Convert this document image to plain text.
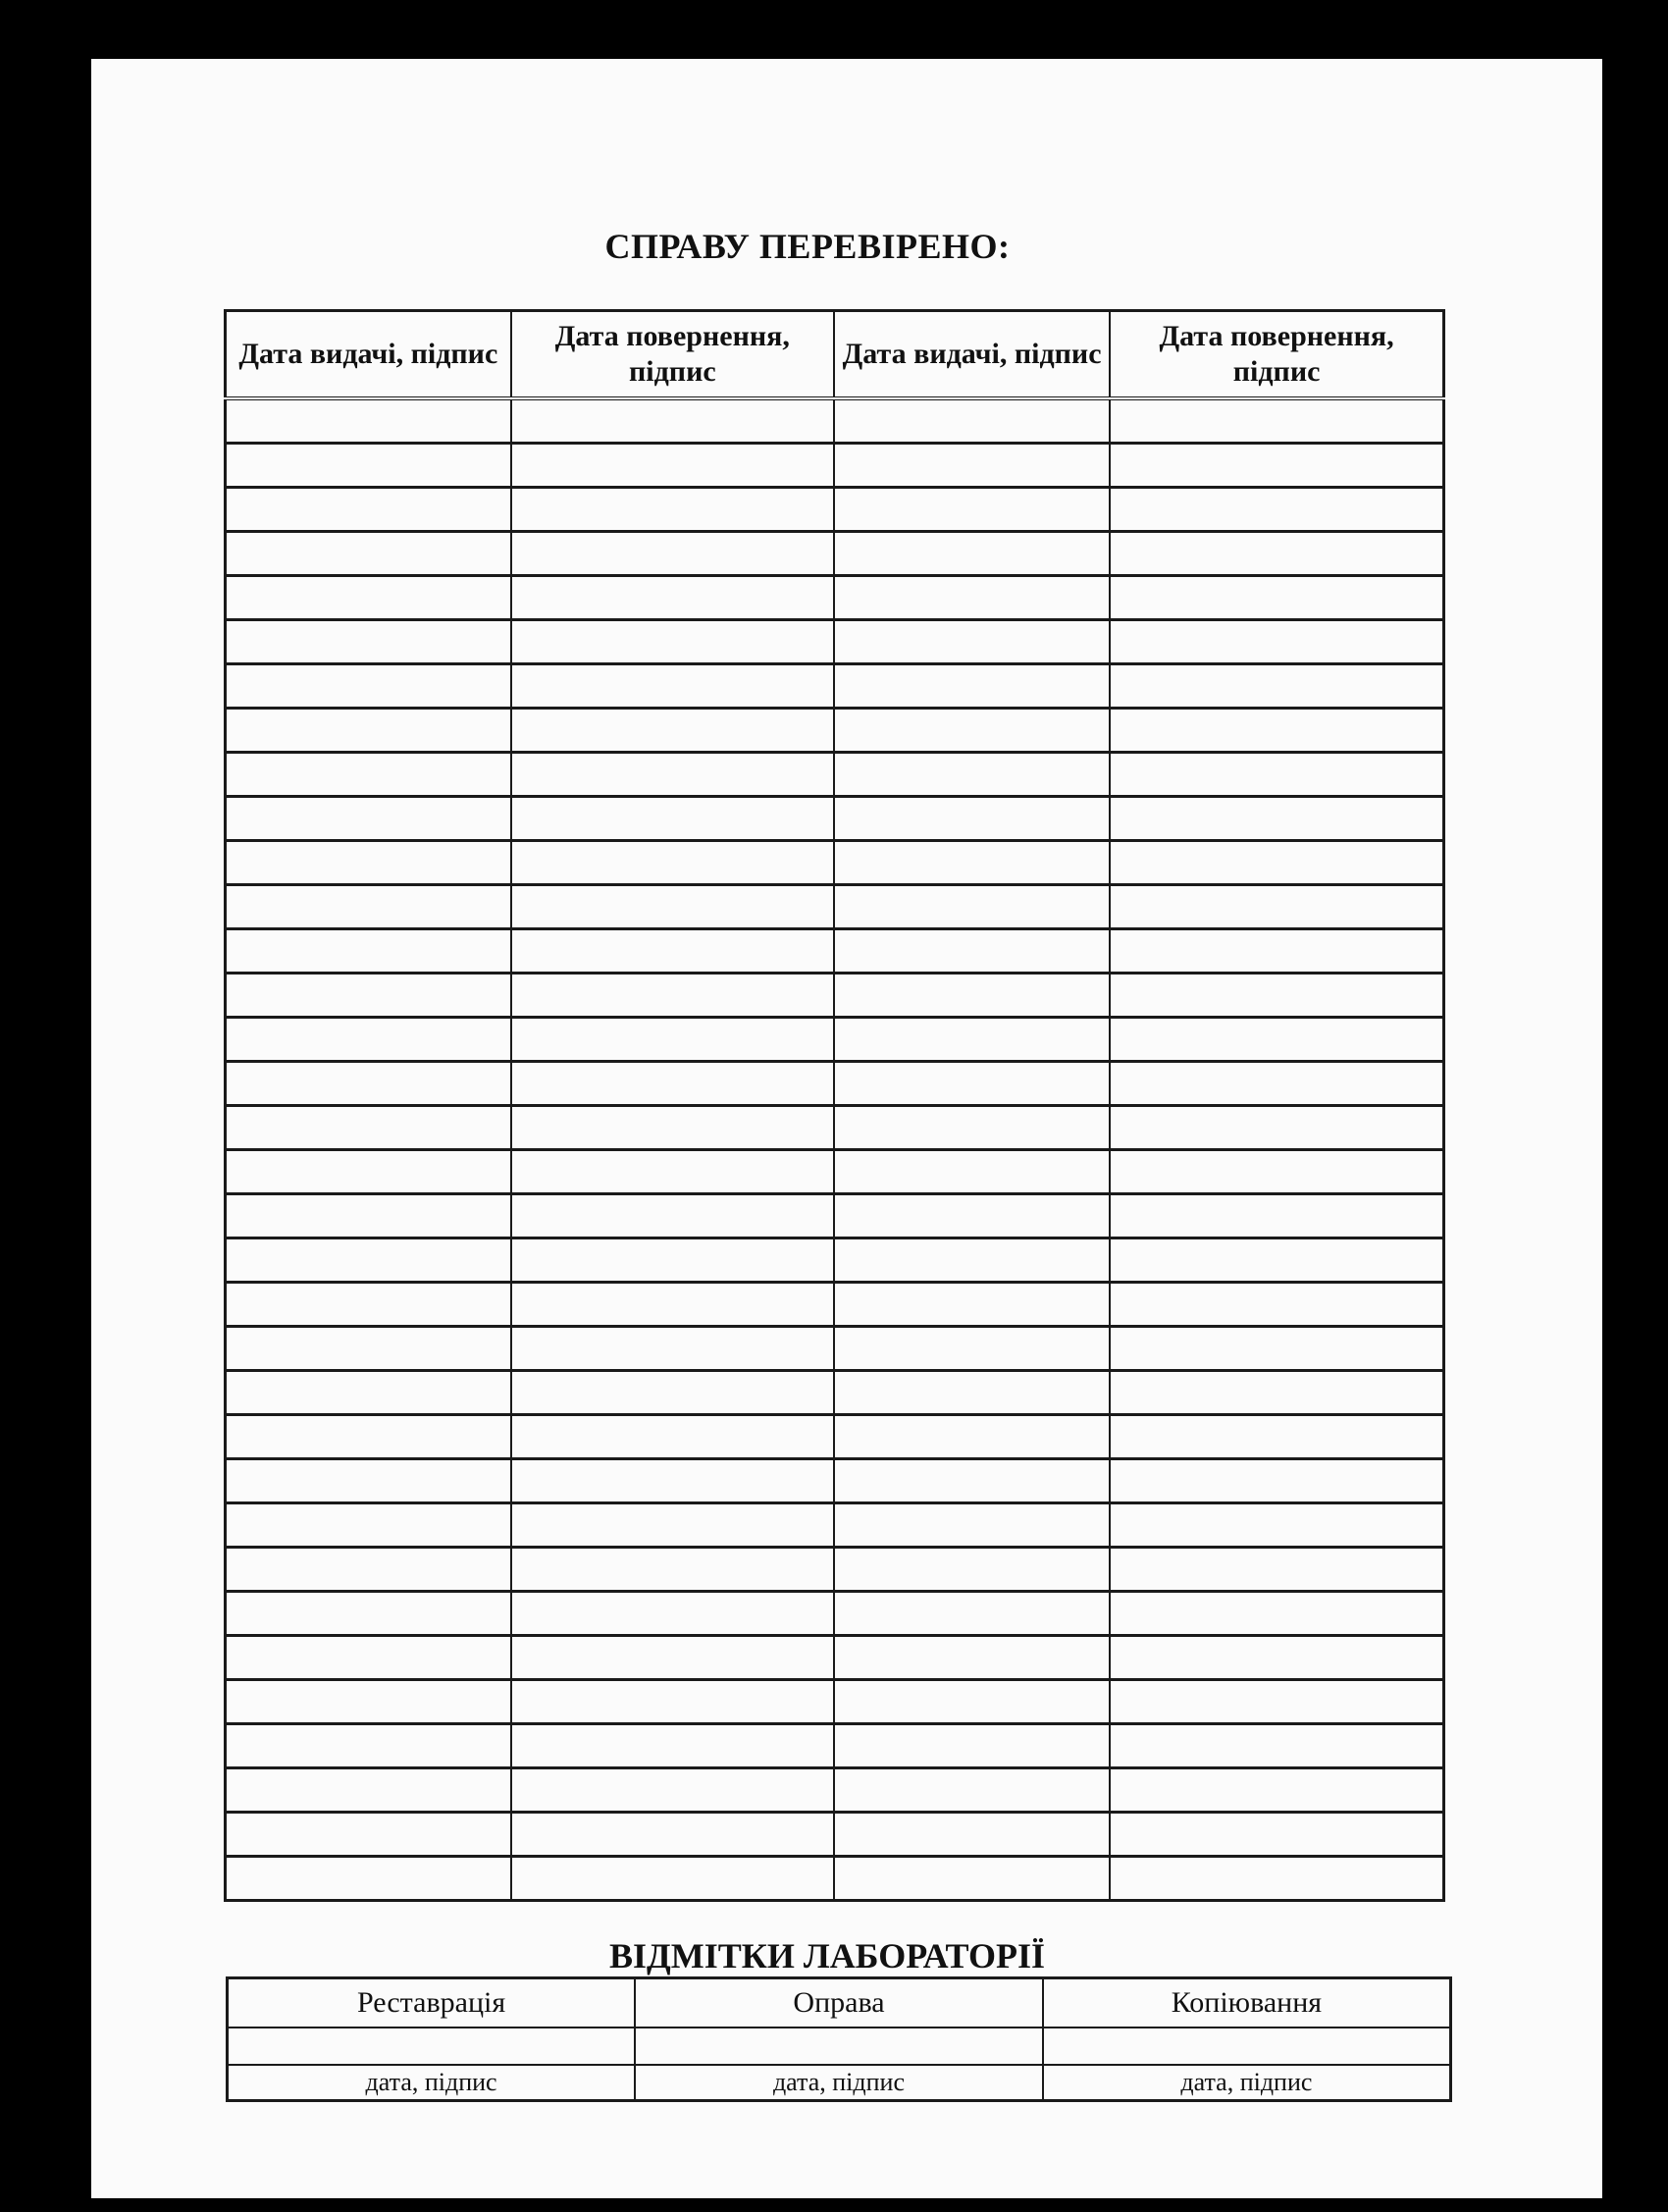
СПРАВУ ПЕРЕВІРЕНО:
Дата видачі, підпис	Дата повернення, підпис	Дата видачі, підпис	Дата повернення, підпис

ВІДМІТКИ ЛАБОРАТОРІЇ
Реставрація	Оправа	Копіювання

дата, підпис	дата, підпис	дата, підпис
